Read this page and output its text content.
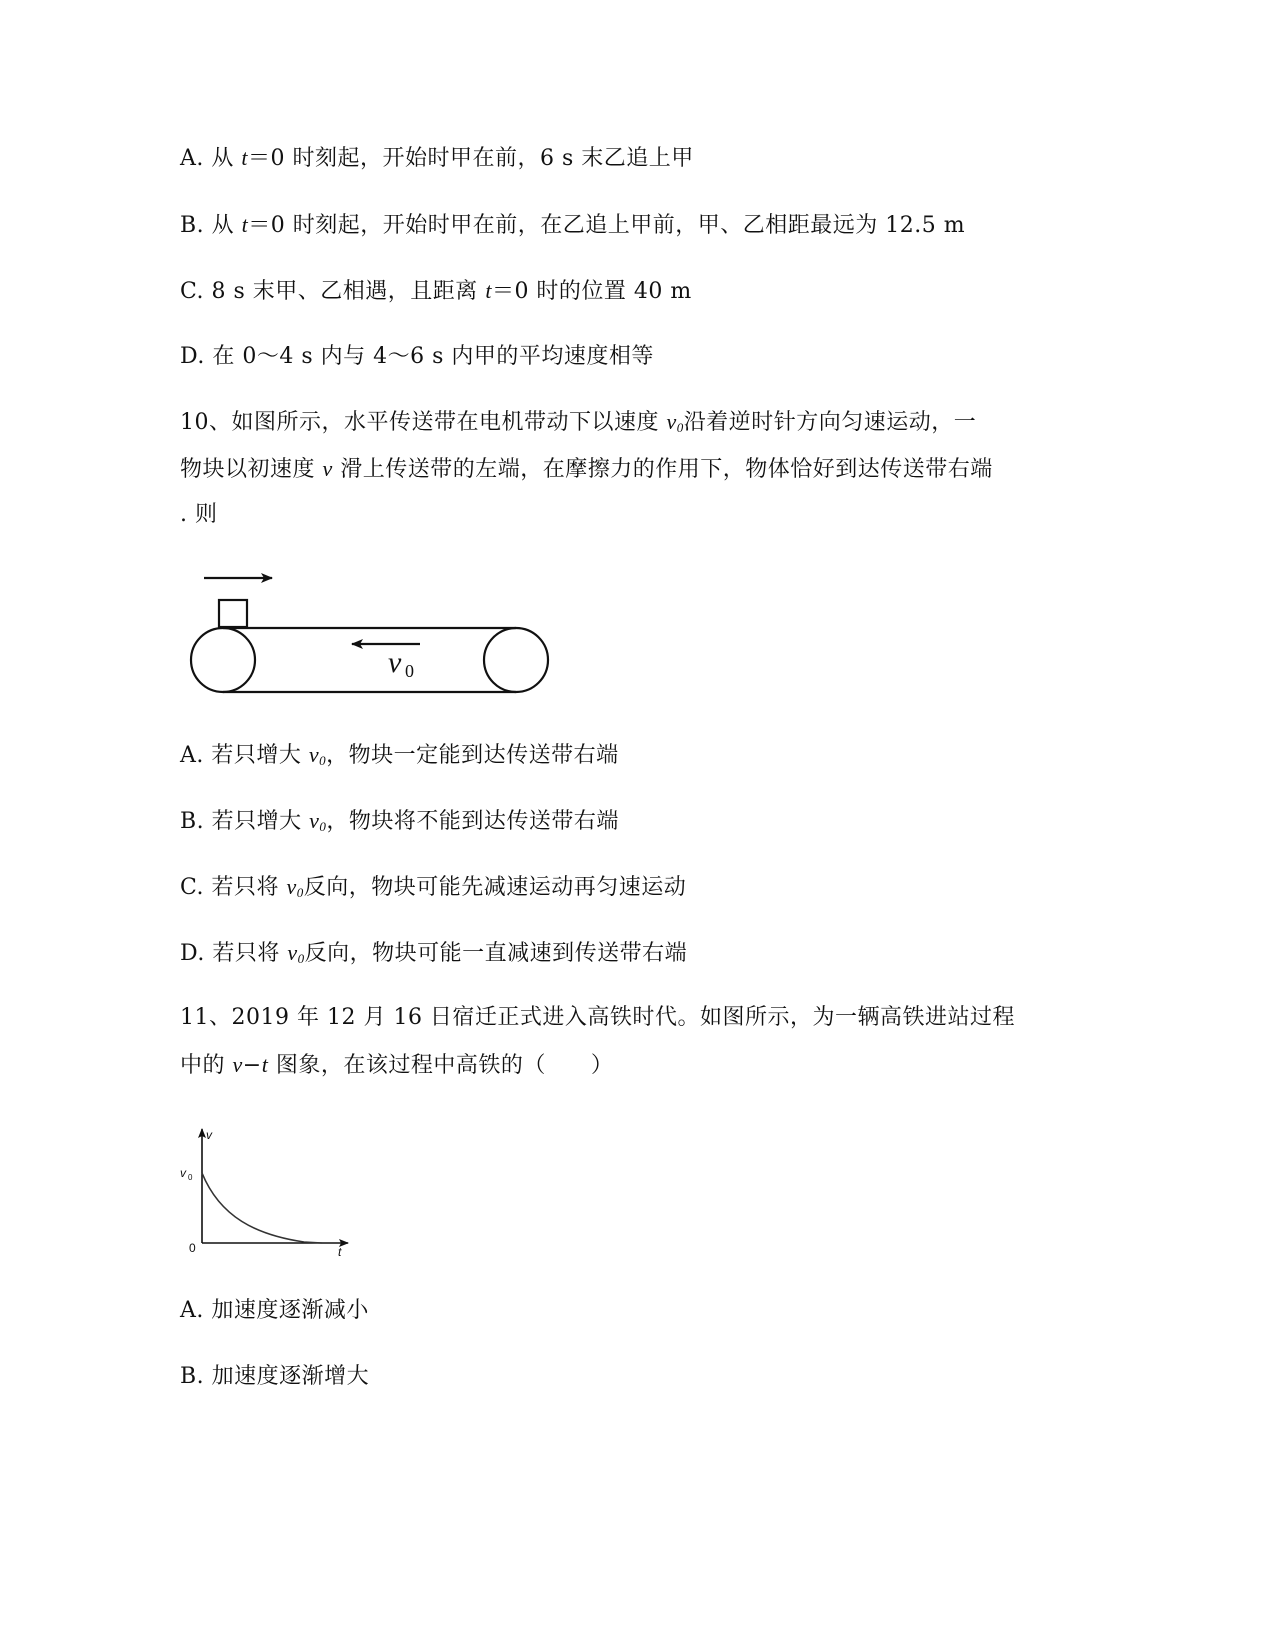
A. 从 t＝0 时刻起，开始时甲在前，6 s 末乙追上甲
B. 从 t＝0 时刻起，开始时甲在前，在乙追上甲前，甲、乙相距最远为 12.5 m
C. 8 s 末甲、乙相遇，且距离 t＝0 时的位置 40 m
D. 在 0～4 s 内与 4～6 s 内甲的平均速度相等
10、如图所示，水平传送带在电机带动下以速度 $v_0$沿着逆时针方向匀速运动，一
物块以初速度 v 滑上传送带的左端，在摩擦力的作用下，物体恰好到达传送带右端
. 则
v 0
A. 若只增大 $v_0$，物块一定能到达传送带右端
B. 若只增大 $v_0$，物块将不能到达传送带右端
C. 若只将 $v_0$反向，物块可能先减速运动再匀速运动
D. 若只将 $v_0$反向，物块可能一直减速到传送带右端
11、2019 年 12 月 16 日宿迁正式进入高铁时代。如图所示，为一辆高铁进站过程
中的 v−t 图象，在该过程中高铁的（　　）
v
v 0
0	t
A. 加速度逐渐减小
B. 加速度逐渐增大
